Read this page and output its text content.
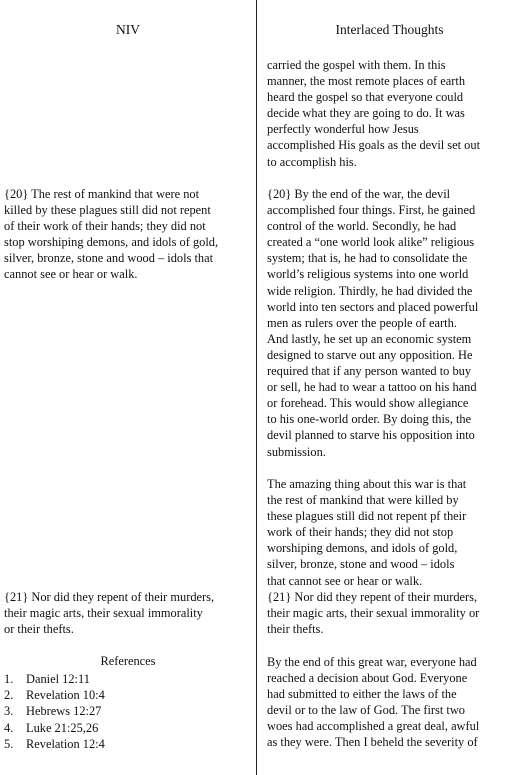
NIV	Interlaced Thoughts
carried the gospel with them. In this
manner, the most remote places of earth
heard the gospel so that everyone could
decide what they are going to do. It was
perfectly wonderful how Jesus
accomplished His goals as the devil set out
to accomplish his.
{20} The rest of mankind that were not
killed by these plagues still did not repent
of their work of their hands; they did not
stop worshiping demons, and idols of gold,
silver, bronze, stone and wood – idols that
cannot see or hear or walk.
{20} By the end of the war, the devil
accomplished four things. First, he gained
control of the world. Secondly, he had
created a “one world look alike” religious
system; that is, he had to consolidate the
world’s religious systems into one world
wide religion. Thirdly, he had divided the
world into ten sectors and placed powerful
men as rulers over the people of earth.
And lastly, he set up an economic system
designed to starve out any opposition. He
required that if any person wanted to buy
or sell, he had to wear a tattoo on his hand
or forehead. This would show allegiance
to his one-world order. By doing this, the
devil planned to starve his opposition into
submission.
The amazing thing about this war is that
the rest of mankind that were killed by
these plagues still did not repent pf their
work of their hands; they did not stop
worshiping demons, and idols of gold,
silver, bronze, stone and wood – idols
that cannot see or hear or walk.
{21} Nor did they repent of their murders,
their magic arts, their sexual immorality
or their thefts.
{21} Nor did they repent of their murders,
their magic arts, their sexual immorality or
their thefts.
References
1.	Daniel 12:11
2.	Revelation 10:4
3.	Hebrews 12:27
4.	Luke 21:25,26
5.	Revelation 12:4
By the end of this great war, everyone had
reached a decision about God. Everyone
had submitted to either the laws of the
devil or to the law of God. The first two
woes had accomplished a great deal, awful
as they were. Then I beheld the severity of
